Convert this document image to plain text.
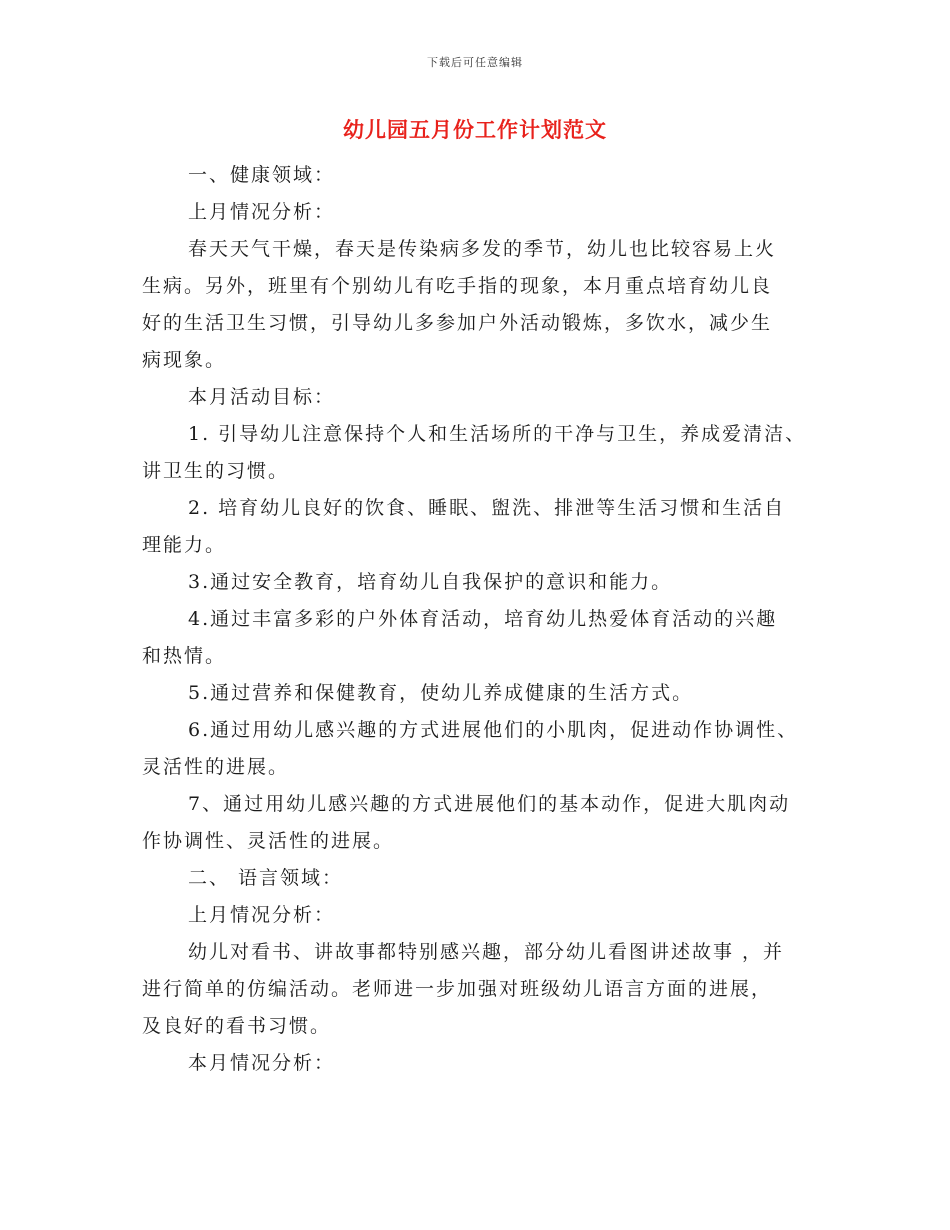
下载后可任意编辑
幼儿园五月份工作计划范文

一、健康领域：

上月情况分析：

春天天气干燥，春天是传染病多发的季节，幼儿也比较容易上火
生病。另外，班里有个别幼儿有吃手指的现象，本月重点培育幼儿良
好的生活卫生习惯，引导幼儿多参加户外活动锻炼，多饮水，减少生
病现象。

本月活动目标：

1. 引导幼儿注意保持个人和生活场所的干净与卫生，养成爱清洁、
讲卫生的习惯。

2. 培育幼儿良好的饮食、睡眠、盥洗、排泄等生活习惯和生活自
理能力。

3.通过安全教育，培育幼儿自我保护的意识和能力。

4.通过丰富多彩的户外体育活动，培育幼儿热爱体育活动的兴趣
和热情。

5.通过营养和保健教育，使幼儿养成健康的生活方式。

6.通过用幼儿感兴趣的方式进展他们的小肌肉，促进动作协调性、
灵活性的进展。

7、通过用幼儿感兴趣的方式进展他们的基本动作，促进大肌肉动
作协调性、灵活性的进展。

二、 语言领域：

上月情况分析：

幼儿对看书、讲故事都特别感兴趣，部分幼儿看图讲述故事 ，并
进行简单的仿编活动。老师进一步加强对班级幼儿语言方面的进展，
及良好的看书习惯。

本月情况分析：
